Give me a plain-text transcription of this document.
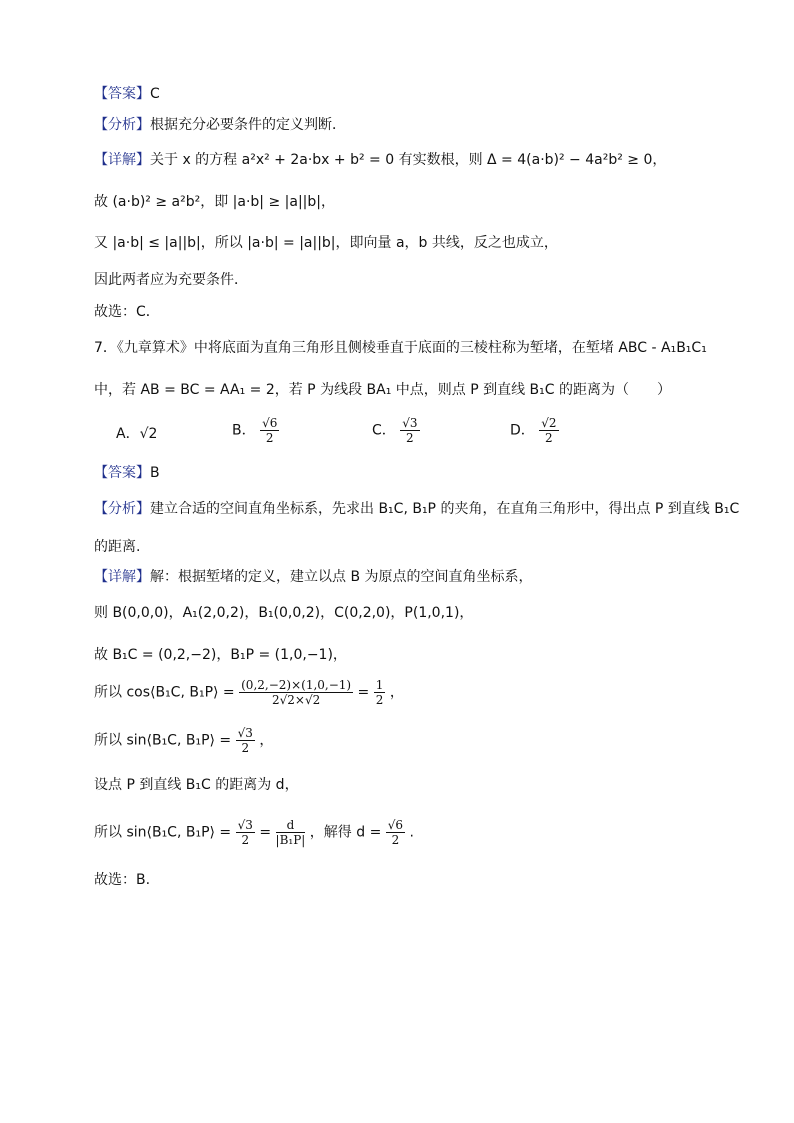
【答案】C
【分析】根据充分必要条件的定义判断．
【详解】关于 x 的方程 a²x² + 2a·bx + b² = 0 有实数根，则 Δ = 4(a·b)² − 4a²b² ≥ 0，
故 (a·b)² ≥ a²b²，即 |a·b| ≥ |a||b|，
又 |a·b| ≤ |a||b|，所以 |a·b| = |a||b|，即向量 a，b 共线，反之也成立，
因此两者应为充要条件．
故选：C．
7．《九章算术》中将底面为直角三角形且侧棱垂直于底面的三棱柱称为堑堵，在堑堵 ABC - A₁B₁C₁
中，若 AB = BC = AA₁ = 2，若 P 为线段 BA₁ 中点，则点 P 到直线 B₁C 的距离为（　　）
A．√2	B． $\frac{√6}{2}$	C． $\frac{√3}{2}$	D． $\frac{√2}{2}$
【答案】B
【分析】建立合适的空间直角坐标系，先求出 B₁C, B₁P 的夹角，在直角三角形中，得出点 P 到直线 B₁C
的距离.
【详解】解：根据堑堵的定义，建立以点 B 为原点的空间直角坐标系，
则 B(0,0,0)，A₁(2,0,2)，B₁(0,0,2)，C(0,2,0)，P(1,0,1)，
故 B₁C = (0,2,−2)，B₁P = (1,0,−1)，
所以 cos⟨B₁C, B₁P⟩ = $\frac{(0,2,-2)\times(1,0,-1)}{2√2\times√2} = \frac{1}{2}$ ，
所以 sin⟨B₁C, B₁P⟩ = $\frac{√3}{2}$ ，
设点 P 到直线 B₁C 的距离为 d，
所以 sin⟨B₁C, B₁P⟩ = $\frac{√3}{2} = \frac{d}{\text{|B₁P|}}$ ，解得 $d = \frac{√6}{2}$ .
故选：B.
